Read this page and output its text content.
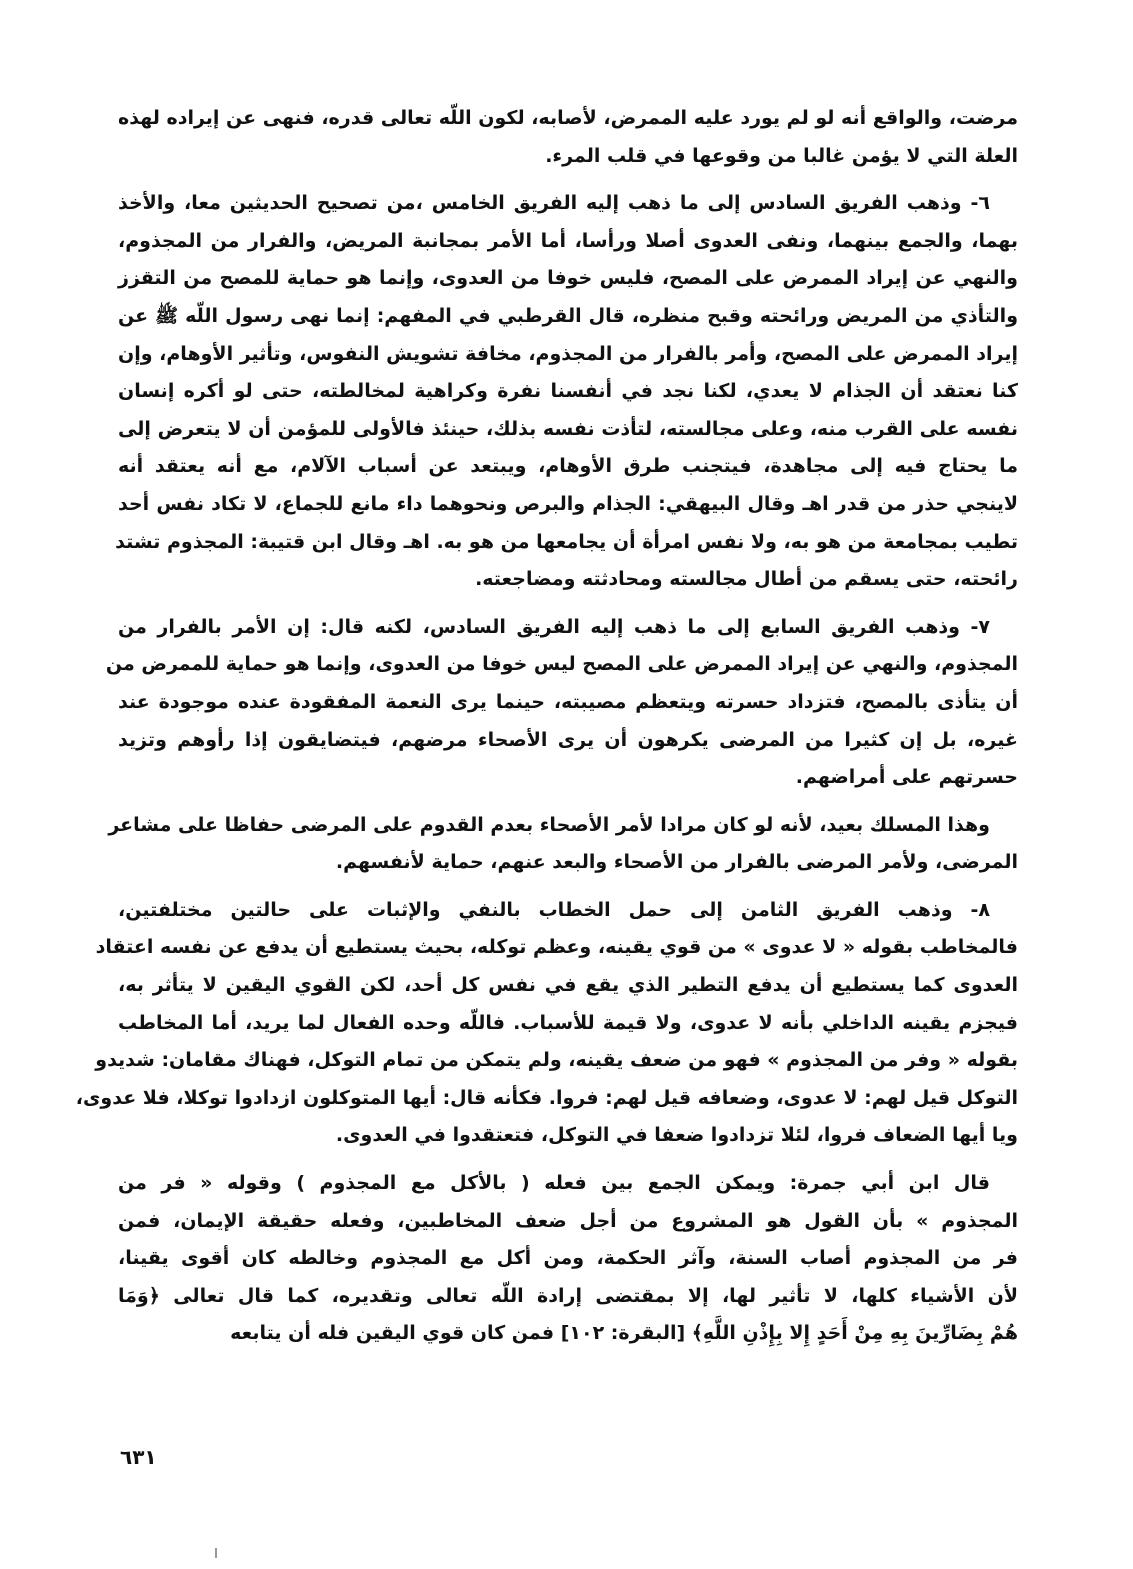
مرضت، والواقع أنه لو لم يورد عليه الممرض، لأصابه، لكون اللّه تعالى قدره، فنهى عن إيراده لهذه
العلة التي لا يؤمن غالبا من وقوعها في قلب المرء.
٦- وذهب الفريق السادس إلى ما ذهب إليه الفريق الخامس ،من تصحيح الحديثين معا، والأخذ
بهما، والجمع بينهما، ونفى العدوى أصلا ورأسا، أما الأمر بمجانبة المريض، والفرار من المجذوم،
والنهي عن إيراد الممرض على المصح، فليس خوفا من العدوى، وإنما هو حماية للمصح من التقزز
والتأذي من المريض ورائحته وقبح منظره، قال القرطبي في المفهم: إنما نهى رسول اللّه ﷺ عن
إيراد الممرض على المصح، وأمر بالفرار من المجذوم، مخافة تشويش النفوس، وتأثير الأوهام، وإن
كنا نعتقد أن الجذام لا يعدي، لكنا نجد في أنفسنا نفرة وكراهية لمخالطته، حتى لو أكره إنسان
نفسه على القرب منه، وعلى مجالسته، لتأذت نفسه بذلك، حينئذ فالأولى للمؤمن أن لا يتعرض إلى
ما يحتاج فيه إلى مجاهدة، فيتجنب طرق الأوهام، ويبتعد عن أسباب الآلام، مع أنه يعتقد أنه
لاينجي حذر من قدر اهـ وقال البيهقي: الجذام والبرص ونحوهما داء مانع للجماع، لا تكاد نفس أحد
تطيب بمجامعة من هو به، ولا نفس امرأة أن يجامعها من هو به. اهـ وقال ابن قتيبة: المجذوم تشتد
رائحته، حتى يسقم من أطال مجالسته ومحادثته ومضاجعته.
٧- وذهب الفريق السابع إلى ما ذهب إليه الفريق السادس، لكنه قال: إن الأمر بالفرار من
المجذوم، والنهي عن إيراد الممرض على المصح ليس خوفا من العدوى، وإنما هو حماية للممرض من
أن يتأذى بالمصح، فتزداد حسرته ويتعظم مصيبته، حينما يرى النعمة المفقودة عنده موجودة عند
غيره، بل إن كثيرا من المرضى يكرهون أن يرى الأصحاء مرضهم، فيتضايقون إذا رأوهم وتزيد
حسرتهم على أمراضهم.
وهذا المسلك بعيد، لأنه لو كان مرادا لأمر الأصحاء بعدم القدوم على المرضى حفاظا على مشاعر
المرضى، ولأمر المرضى بالفرار من الأصحاء والبعد عنهم، حماية لأنفسهم.
٨- وذهب الفريق الثامن إلى حمل الخطاب بالنفي والإثبات على حالتين مختلفتين،
فالمخاطب بقوله « لا عدوى » من قوي يقينه، وعظم توكله، بحيث يستطيع أن يدفع عن نفسه اعتقاد
العدوى كما يستطيع أن يدفع التطير الذي يقع في نفس كل أحد، لكن القوي اليقين لا يتأثر به،
فيجزم يقينه الداخلي بأنه لا عدوى، ولا قيمة للأسباب. فاللّه وحده الفعال لما يريد، أما المخاطب
بقوله « وفر من المجذوم » فهو من ضعف يقينه، ولم يتمكن من تمام التوكل، فهناك مقامان: شديدو
التوكل قيل لهم: لا عدوى، وضعافه قيل لهم: فروا. فكأنه قال: أيها المتوكلون ازدادوا توكلا، فلا عدوى،
ويا أيها الضعاف فروا، لئلا تزدادوا ضعفا في التوكل، فتعتقدوا في العدوى.
قال ابن أبي جمرة: ويمكن الجمع بين فعله ( بالأكل مع المجذوم ) وقوله « فر من
المجذوم » بأن القول هو المشروع من أجل ضعف المخاطبين، وفعله حقيقة الإيمان، فمن
فر من المجذوم أصاب السنة، وآثر الحكمة، ومن أكل مع المجذوم وخالطه كان أقوى يقينا،
لأن الأشياء كلها، لا تأثير لها، إلا بمقتضى إرادة اللّه تعالى وتقديره، كما قال تعالى ﴿وَمَا
هُمْ بِضَارِّينَ بِهِ مِنْ أَحَدٍ إِلا بِإِذْنِ اللَّهِ﴾ [البقرة: ١٠٢] فمن كان قوي اليقين فله أن يتابعه
٦٣١
